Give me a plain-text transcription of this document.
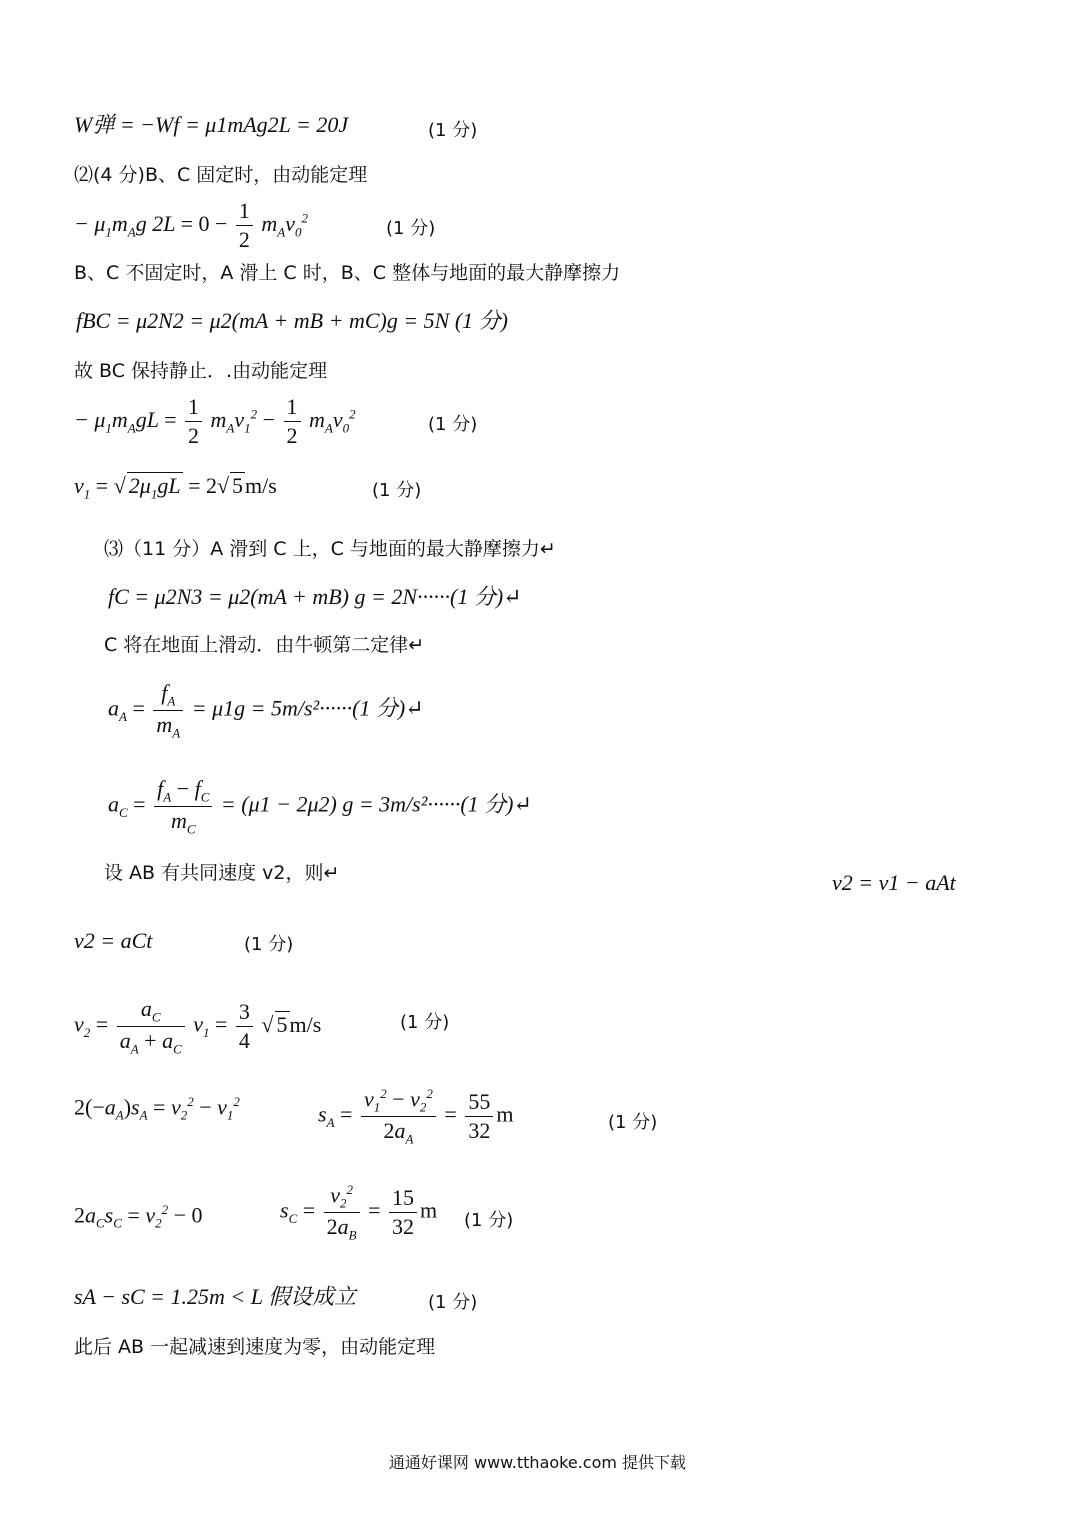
W弹 = −Wf = μ1mAg2L = 20J	(1 分)
⑵(4 分)B、C 固定时，由动能定理
− $\mu_1m_Ag$ $2L = 0 - \frac{1}{2} m_Av_0^2$	(1 分)
B、C 不固定时，A 滑上 C 时，B、C 整体与地面的最大静摩擦力
fBC = μ2N2 = μ2(mA + mB + mC)g = 5N (1 分)
故 BC 保持静止．.由动能定理
− $\mu_1m_AgL = \frac{1}{2} m_Av_1^2 - \frac{1}{2} m_Av_0^2$	(1 分)
$v_1$ = √ $2\mu_1gL = 2√$ 5m/s	(1 分)
⑶（11 分）A 滑到 C 上，C 与地面的最大静摩擦力↵
fC = μ2N3 = μ2(mA + mB) g = 2N······(1 分)↵
C 将在地面上滑动．由牛顿第二定律↵
$a_A = \frac{f_A}{m_A} = \mu 1g = 5m/s^2\cdot\cdot\cdot\cdot\cdot\cdot(1$ 分)↵
$a_C = \frac{f_A - f_C}{m_C} = (\mu 1 - 2\mu 2) g = 3m/s^2\cdot\cdot\cdot\cdot\cdot\cdot(1$ 分)↵
设 AB 有共同速度 v2，则↵	v2 = v1 − aAt
v2 = aCt	(1 分)
$v_2 = \frac{a_C}{a_A + a_C} v_1 = \frac{3}{4}$ √ 5m/s	(1 分)
$2(-a_A)s_A = v_2^2 - v_1^2$
$s_A = \frac{v_1^2 - v_2^2}{2a_A} = \frac{55}{32}$ m	(1 分)
$2a_Cs_C = v_2^2 - 0$	$s_C = \frac{v_2^2}{2a_B} = \frac{15}{32}$ m (1 分)
sA − sC = 1.25m < L 假设成立	(1 分)
此后 AB 一起减速到速度为零，由动能定理
通通好课网 www.tthaoke.com 提供下载
